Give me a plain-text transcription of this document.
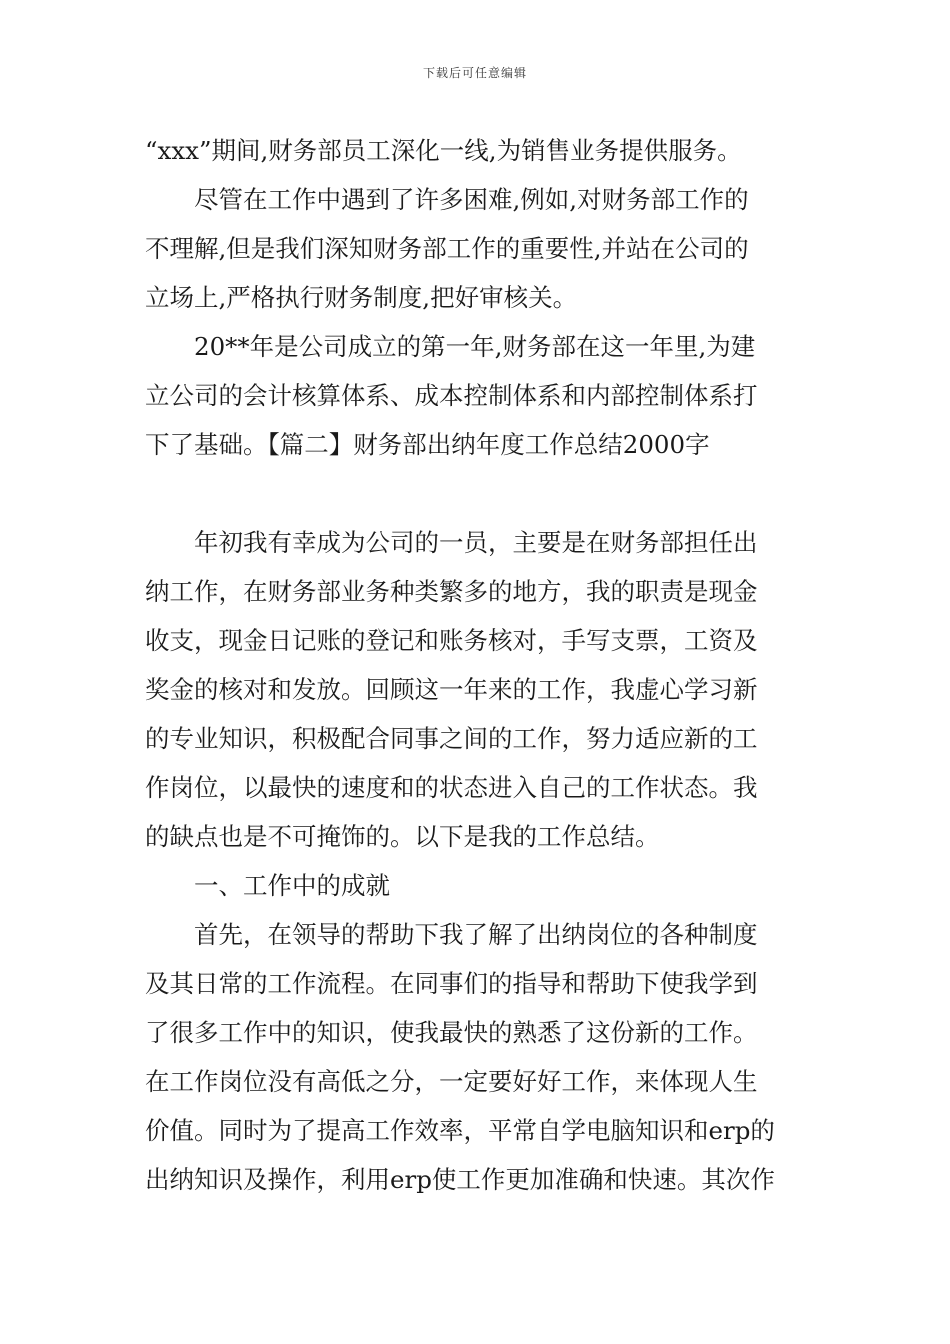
下载后可任意编辑
“xxx”期间,财务部员工深化一线,为销售业务提供服务。
　　尽管在工作中遇到了许多困难,例如,对财务部工作的
不理解,但是我们深知财务部工作的重要性,并站在公司的
立场上,严格执行财务制度,把好审核关。
　　20**年是公司成立的第一年,财务部在这一年里,为建
立公司的会计核算体系、成本控制体系和内部控制体系打
下了基础。【篇二】财务部出纳年度工作总结2000字
　　年初我有幸成为公司的一员，主要是在财务部担任出
纳工作，在财务部业务种类繁多的地方，我的职责是现金
收支，现金日记账的登记和账务核对，手写支票，工资及
奖金的核对和发放。回顾这一年来的工作，我虚心学习新
的专业知识，积极配合同事之间的工作，努力适应新的工
作岗位，以最快的速度和的状态进入自己的工作状态。我
的缺点也是不可掩饰的。以下是我的工作总结。
　　一、工作中的成就
　　首先，在领导的帮助下我了解了出纳岗位的各种制度
及其日常的工作流程。在同事们的指导和帮助下使我学到
了很多工作中的知识，使我最快的熟悉了这份新的工作。
在工作岗位没有高低之分，一定要好好工作，来体现人生
价值。同时为了提高工作效率，平常自学电脑知识和erp的
出纳知识及操作，利用erp使工作更加准确和快速。其次作
